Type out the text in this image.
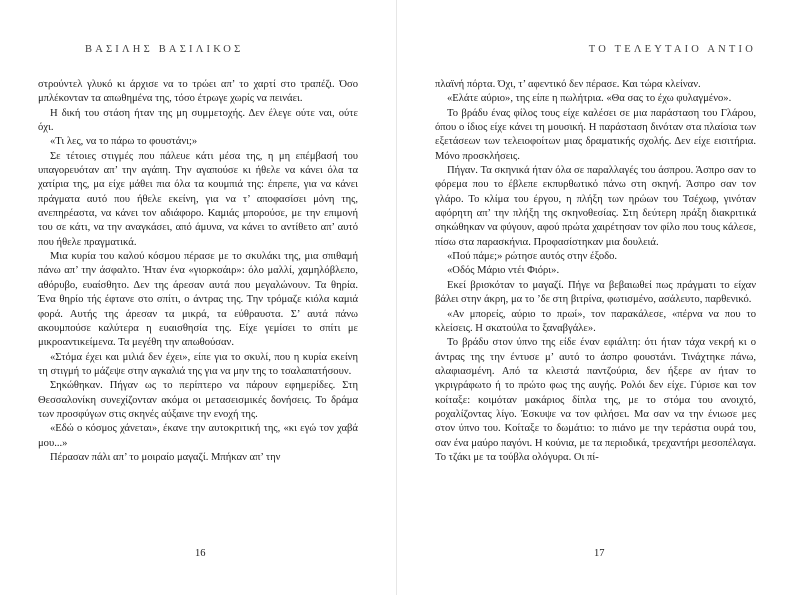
ΒΑΣΙΛΗΣ ΒΑΣΙΛΙΚΟΣ

στρούντελ γλυκό κι άρχισε να το τρώει απ’ το χαρτί στο τραπέζι. Όσο μπλέκονταν τα απωθημένα της, τόσο έτρωγε χωρίς να πεινάει.

Η δική του στάση ήταν της μη συμμετοχής. Δεν έλεγε ούτε ναι, ούτε όχι.

«Τι λες, να το πάρω το φουστάνι;»

Σε τέτοιες στιγμές που πάλευε κάτι μέσα της, η μη επέμβασή του υπαγορευόταν απ’ την αγάπη. Την αγαπούσε κι ήθελε να κάνει όλα τα χατίρια της, μα είχε μάθει πια όλα τα κουμπιά της: έπρεπε, για να κάνει πράγματα αυτό που ήθελε εκείνη, για να τ’ αποφασίσει μόνη της, ανεπηρέαστα, να κάνει τον αδιάφορο. Καμιάς μπορούσε, με την επιμονή του σε κάτι, να την αναγκάσει, από άμυνα, να κάνει το αντίθετο απ’ αυτό που ήθελε πραγματικά.

Μια κυρία του καλού κόσμου πέρασε με το σκυλάκι της, μια σπιθαμή πάνω απ’ την άσφαλτο. Ήταν ένα «γιορκσάιρ»: όλο μαλλί, χαμηλόβλεπο, αθόρυβο, ευαίσθητο. Δεν της άρεσαν αυτά που μεγαλώνουν. Τα θηρία. Ένα θηρίο τής έφτανε στο σπίτι, ο άντρας της. Την τρόμαζε κιόλα καμιά φορά. Αυτής της άρεσαν τα μικρά, τα εύθραυστα. Σ’ αυτά πάνω ακουμπούσε καλύτερα η ευαισθησία της. Είχε γεμίσει το σπίτι με μικροαντικείμενα. Τα μεγέθη την απωθούσαν.

«Στόμα έχει και μιλιά δεν έχει», είπε για το σκυλί, που η κυρία εκείνη τη στιγμή το μάζεψε στην αγκαλιά της για να μην της το τσαλαπατήσουν.

Σηκώθηκαν. Πήγαν ως το περίπτερο να πάρουν εφημερίδες. Στη Θεσσαλονίκη συνεχίζονταν ακόμα οι μετασεισμικές δονήσεις. Το δράμα των προσφύγων στις σκηνές αύξαινε την ενοχή της.

«Εδώ ο κόσμος χάνεται», έκανε την αυτοκριτική της, «κι εγώ τον χαβά μου...»

Πέρασαν πάλι απ’ το μοιραίο μαγαζί. Μπήκαν απ’ την

16
ΤΟ ΤΕΛΕΥΤΑΙΟ ΑΝΤΙΟ

πλαϊνή πόρτα. Όχι, τ’ αφεντικό δεν πέρασε. Και τώρα κλείναν.

«Ελάτε αύριο», της είπε η πωλήτρια. «Θα σας το έχω φυλαγμένο».

Το βράδυ ένας φίλος τους είχε καλέσει σε μια παράσταση του Γλάρου, όπου ο ίδιος είχε κάνει τη μουσική. Η παράσταση δινόταν στα πλαίσια των εξετάσεων των τελειοφοίτων μιας δραματικής σχολής. Δεν είχε εισιτήρια. Μόνο προσκλήσεις.

Πήγαν. Τα σκηνικά ήταν όλα σε παραλλαγές του άσπρου. Άσπρο σαν το φόρεμα που το έβλεπε εκπυρθωτικό πάνω στη σκηνή. Άσπρο σαν τον γλάρο. Το κλίμα του έργου, η πλήξη των ηρώων του Τσέχωφ, γινόταν αφόρητη απ’ την πλήξη της σκηνοθεσίας. Στη δεύτερη πράξη διακριτικά σηκώθηκαν να φύγουν, αφού πρώτα χαιρέτησαν τον φίλο που τους κάλεσε, πίσω στα παρασκήνια. Προφασίστηκαν μια δουλειά.

«Πού πάμε;» ρώτησε αυτός στην έξοδο.

«Οδός Μάριο ντέι Φιόρι».

Εκεί βρισκόταν το μαγαζί. Πήγε να βεβαιωθεί πως πράγματι το είχαν βάλει στην άκρη, μα το ’δε στη βιτρίνα, φωτισμένο, ασάλευτο, παρθενικό.

«Αν μπορείς, αύριο το πρωί», τον παρακάλεσε, «πέρνα να που το κλείσεις. Η σκατούλα το ξαναβγάλε».

Το βράδυ στον ύπνο της είδε έναν εφιάλτη: ότι ήταν τάχα νεκρή κι ο άντρας της την έντυσε μ’ αυτό το άσπρο φουστάνι. Τινάχτηκε πάνω, αλαφιασμένη. Από τα κλειστά παντζούρια, δεν ήξερε αν ήταν το γκριγράφωτο ή το πρώτο φως της αυγής. Ρολόι δεν είχε. Γύρισε και τον κοίταξε: κοιμόταν μακάριος δίπλα της, με το στόμα του ανοιχτό, ροχαλίζοντας λίγο. Έσκυψε να τον φιλήσει. Μα σαν να την ένιωσε μες στον ύπνο του. Κοίταξε το δωμάτιο: το πιάνο με την τεράστια ουρά του, σαν ένα μαύρο παγόνι. Η κούνια, με τα περιοδικά, τρεχαντήρι μεσοπέλαγα. Το τζάκι με τα τούβλα ολόγυρα. Οι πί-

17
